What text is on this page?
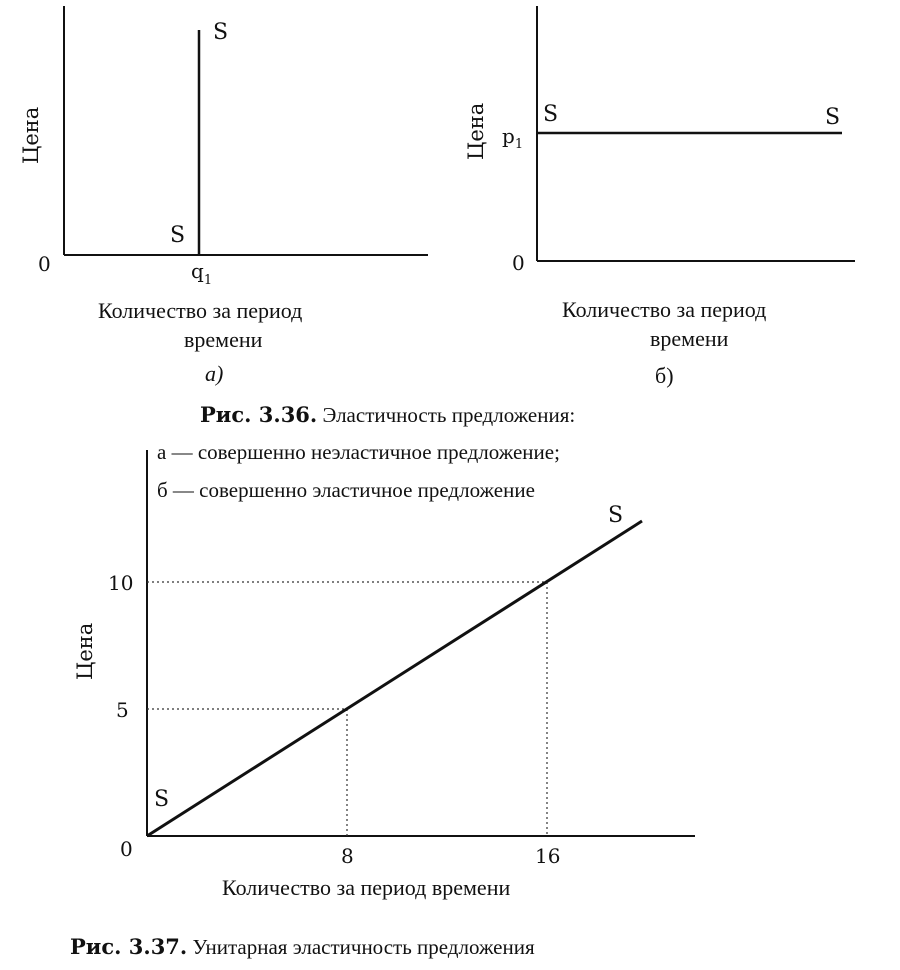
Цена
0
S
S
$q_1$
Цена
0
$p_1$
S	S
Цена
0
10
5
8	16
S
S
Количество за период
времени
а)
Количество за период
времени
б)
Рис. 3.36. Эластичность предложения:
а — совершенно неэластичное предложение;
б — совершенно эластичное предложение
Количество за период времени
Рис. 3.37. Унитарная эластичность предложения
